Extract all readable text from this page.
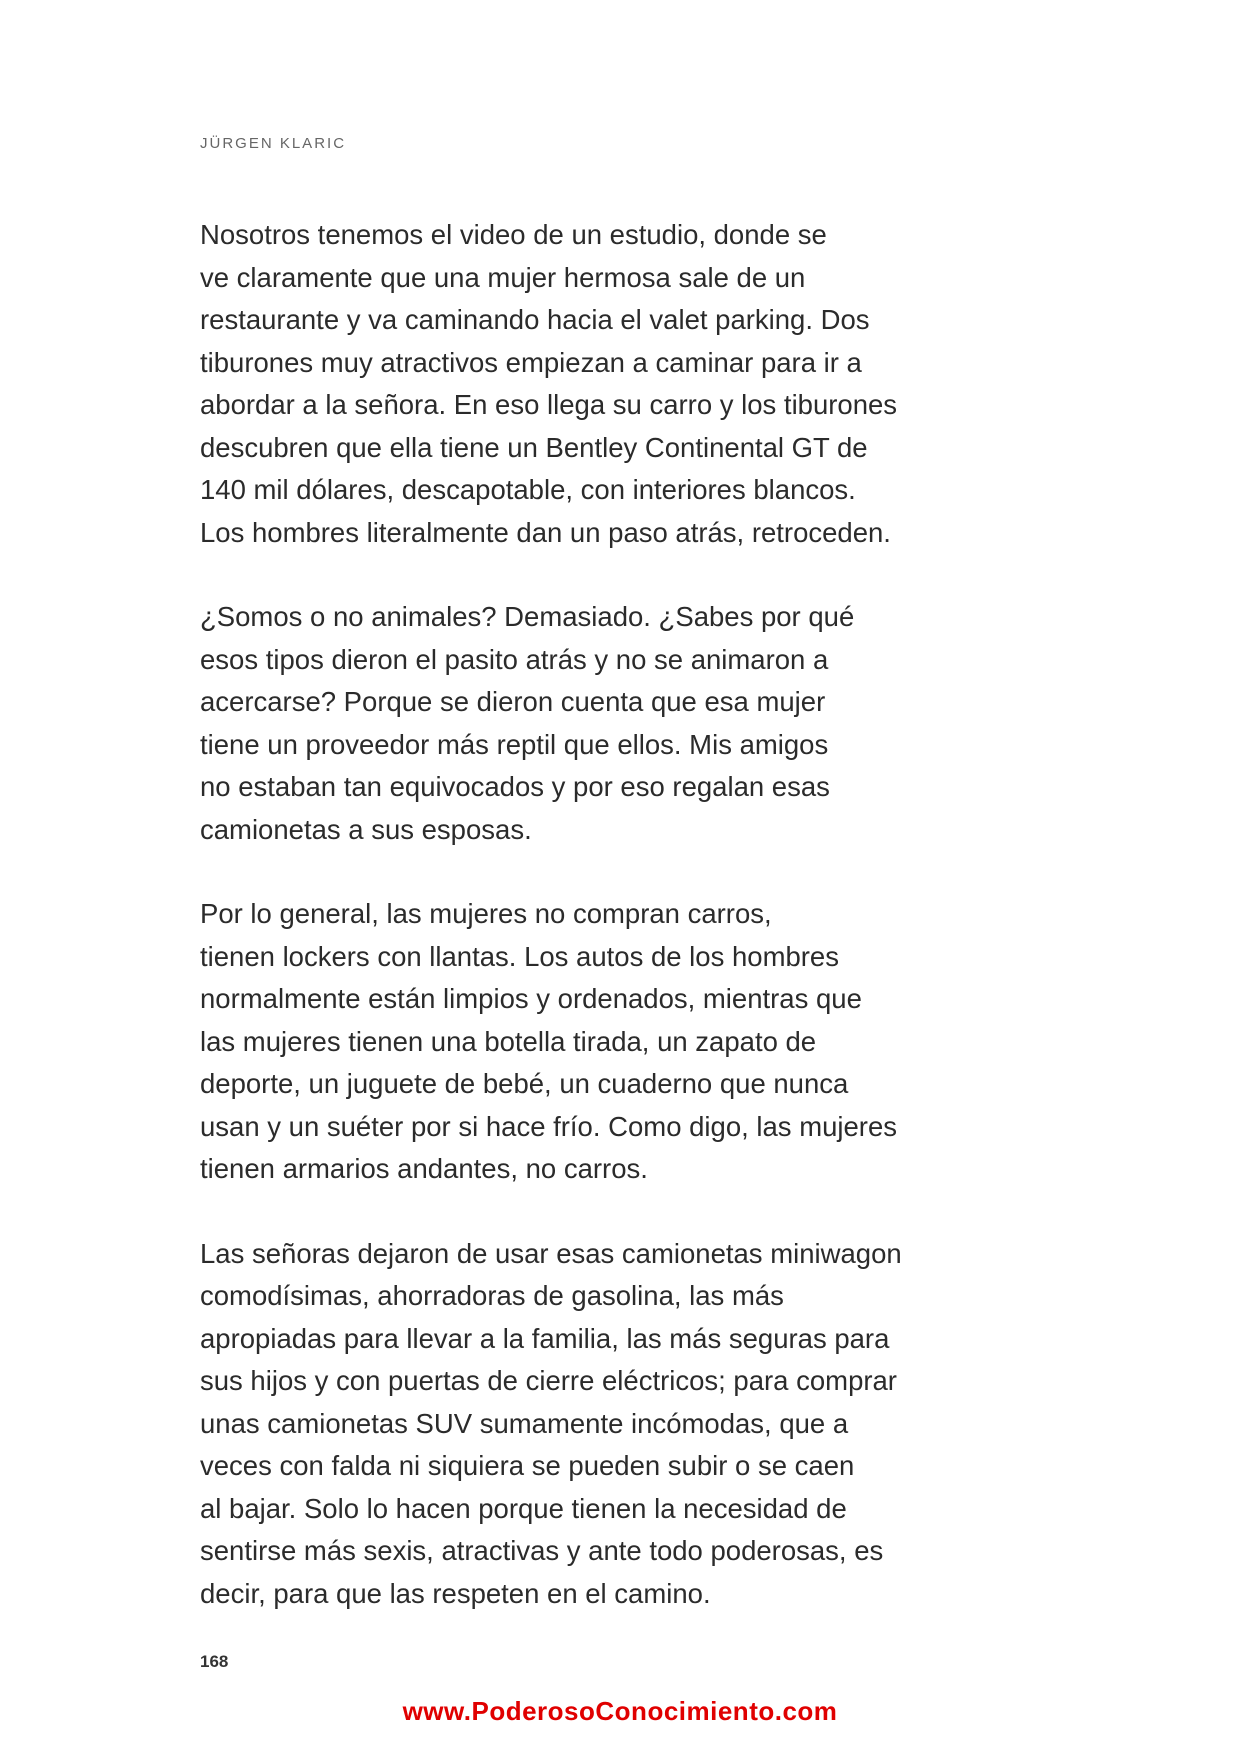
JÜRGEN KLARIC

Nosotros tenemos el video de un estudio, donde se
ve claramente que una mujer hermosa sale de un
restaurante y va caminando hacia el valet parking. Dos
tiburones muy atractivos empiezan a caminar para ir a
abordar a la señora. En eso llega su carro y los tiburones
descubren que ella tiene un Bentley Continental GT de
140 mil dólares, descapotable, con interiores blancos.
Los hombres literalmente dan un paso atrás, retroceden.

¿Somos o no animales? Demasiado. ¿Sabes por qué
esos tipos dieron el pasito atrás y no se animaron a
acercarse? Porque se dieron cuenta que esa mujer
tiene un proveedor más reptil que ellos. Mis amigos
no estaban tan equivocados y por eso regalan esas
camionetas a sus esposas.

Por lo general, las mujeres no compran carros,
tienen lockers con llantas. Los autos de los hombres
normalmente están limpios y ordenados, mientras que
las mujeres tienen una botella tirada, un zapato de
deporte, un juguete de bebé, un cuaderno que nunca
usan y un suéter por si hace frío. Como digo, las mujeres
tienen armarios andantes, no carros.

Las señoras dejaron de usar esas camionetas miniwagon
comodísimas, ahorradoras de gasolina, las más
apropiadas para llevar a la familia, las más seguras para
sus hijos y con puertas de cierre eléctricos; para comprar
unas camionetas SUV sumamente incómodas, que a
veces con falda ni siquiera se pueden subir o se caen
al bajar. Solo lo hacen porque tienen la necesidad de
sentirse más sexis, atractivas y ante todo poderosas, es
decir, para que las respeten en el camino.

168

www.PoderosoConocimiento.com
